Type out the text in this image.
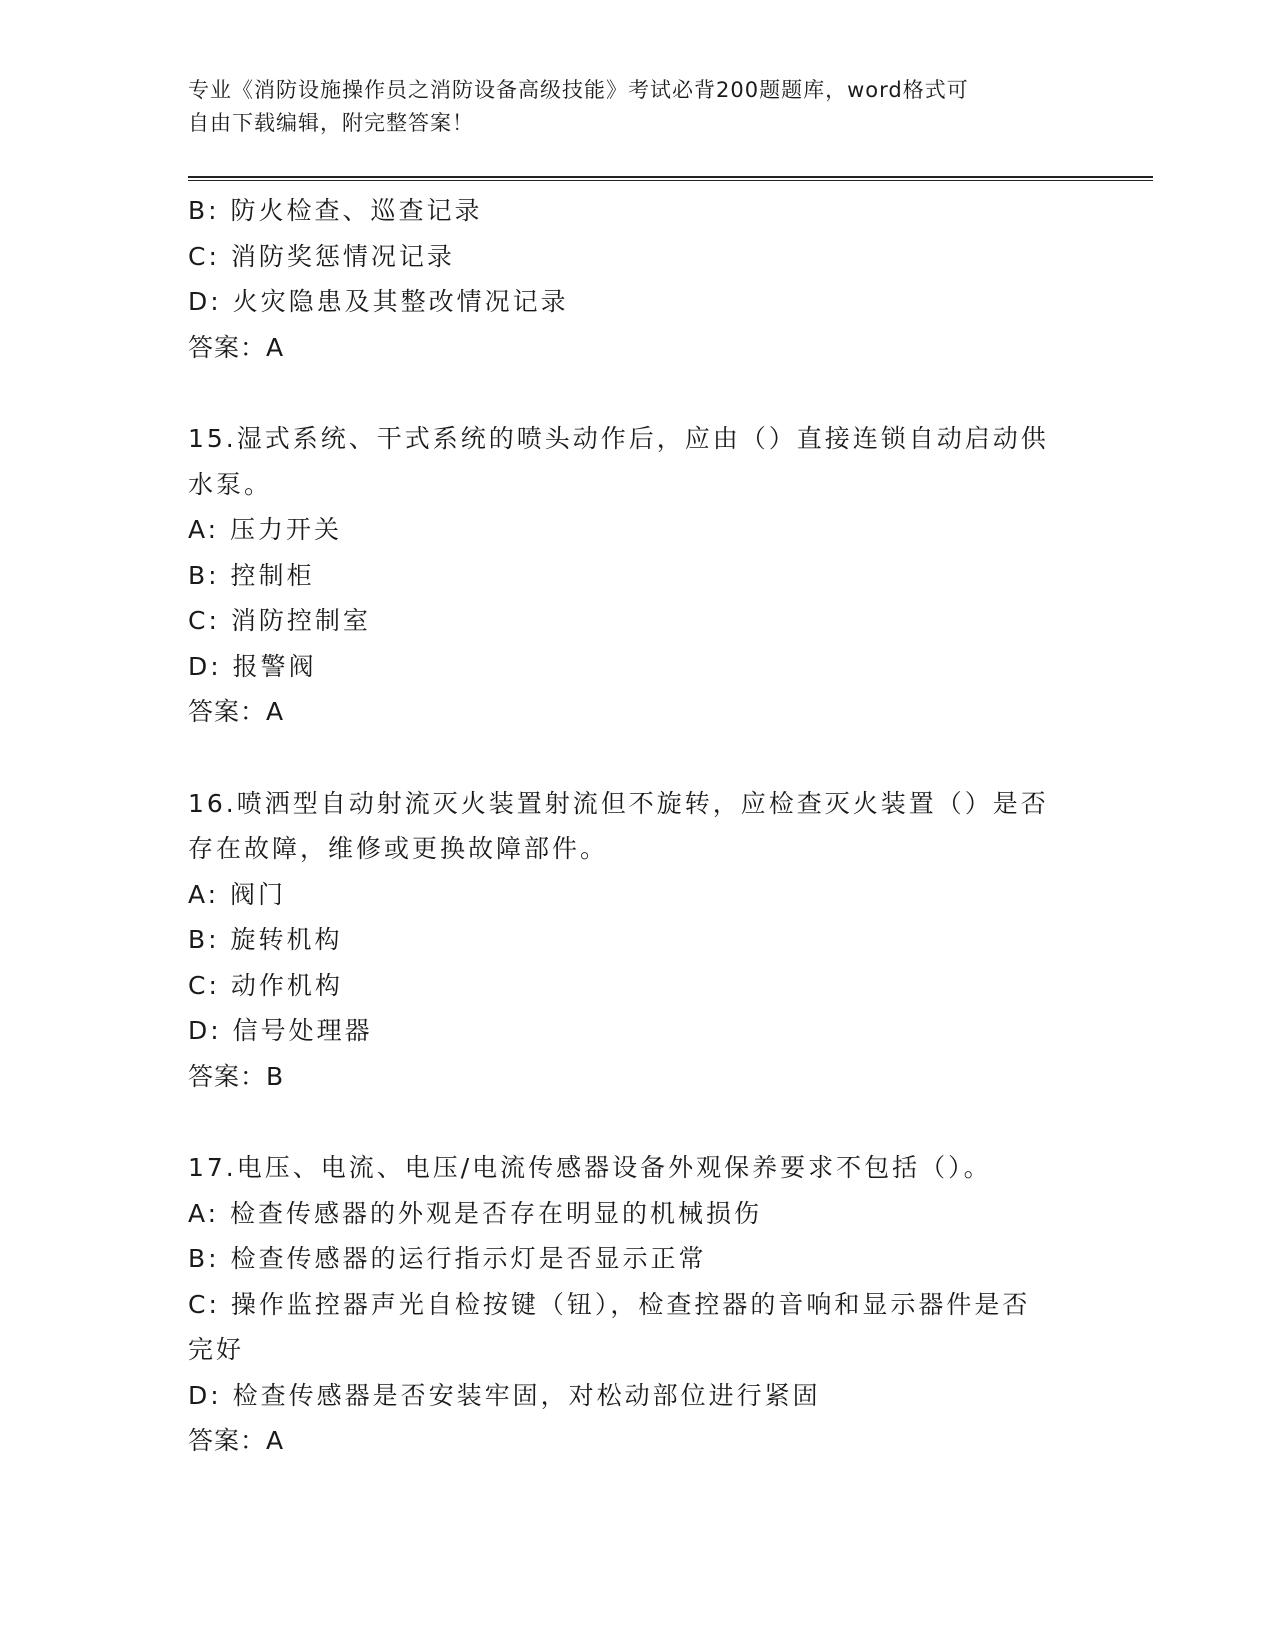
专业《消防设施操作员之消防设备高级技能》考试必背200题题库，word格式可
自由下载编辑，附完整答案！
B: 防火检查、巡查记录
C: 消防奖惩情况记录
D: 火灾隐患及其整改情况记录
答案：A
15.湿式系统、干式系统的喷头动作后，应由（）直接连锁自动启动供
水泵。
A: 压力开关
B: 控制柜
C: 消防控制室
D: 报警阀
答案：A
16.喷洒型自动射流灭火装置射流但不旋转，应检查灭火装置（）是否
存在故障，维修或更换故障部件。
A: 阀门
B: 旋转机构
C: 动作机构
D: 信号处理器
答案：B
17.电压、电流、电压/电流传感器设备外观保养要求不包括（）。
A: 检查传感器的外观是否存在明显的机械损伤
B: 检查传感器的运行指示灯是否显示正常
C: 操作监控器声光自检按键（钮），检查控器的音响和显示器件是否
完好
D: 检查传感器是否安装牢固，对松动部位进行紧固
答案：A
